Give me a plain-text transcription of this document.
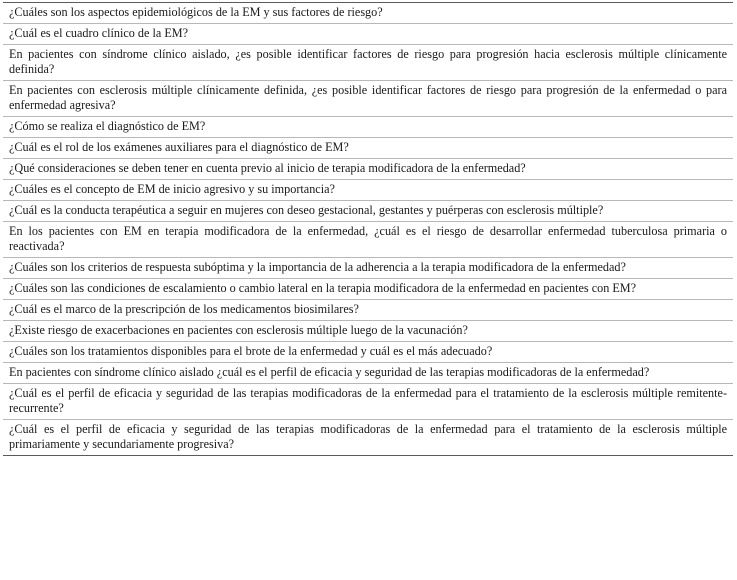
¿Cuáles son los aspectos epidemiológicos de la EM y sus factores de riesgo?
¿Cuál es el cuadro clínico de la EM?
En pacientes con síndrome clínico aislado, ¿es posible identificar factores de riesgo para progresión hacia esclerosis múltiple clínicamente definida?
En pacientes con esclerosis múltiple clínicamente definida, ¿es posible identificar factores de riesgo para progresión de la enfermedad o para enfermedad agresiva?
¿Cómo se realiza el diagnóstico de EM?
¿Cuál es el rol de los exámenes auxiliares para el diagnóstico de EM?
¿Qué consideraciones se deben tener en cuenta previo al inicio de terapia modificadora de la enfermedad?
¿Cuáles es el concepto de EM de inicio agresivo y su importancia?
¿Cuál es la conducta terapéutica a seguir en mujeres con deseo gestacional, gestantes y puérperas con esclerosis múltiple?
En los pacientes con EM en terapia modificadora de la enfermedad, ¿cuál es el riesgo de desarrollar enfermedad tuberculosa primaria o reactivada?
¿Cuáles son los criterios de respuesta subóptima y la importancia de la adherencia a la terapia modificadora de la enfermedad?
¿Cuáles son las condiciones de escalamiento o cambio lateral en la terapia modificadora de la enfermedad en pacientes con EM?
¿Cuál es el marco de la prescripción de los medicamentos biosimilares?
¿Existe riesgo de exacerbaciones en pacientes con esclerosis múltiple luego de la vacunación?
¿Cuáles son los tratamientos disponibles para el brote de la enfermedad y cuál es el más adecuado?
En pacientes con síndrome clínico aislado ¿cuál es el perfil de eficacia y seguridad de las terapias modificadoras de la enfermedad?
¿Cuál es el perfil de eficacia y seguridad de las terapias modificadoras de la enfermedad para el tratamiento de la esclerosis múltiple remitente-recurrente?
¿Cuál es el perfil de eficacia y seguridad de las terapias modificadoras de la enfermedad para el tratamiento de la esclerosis múltiple primariamente y secundariamente progresiva?
